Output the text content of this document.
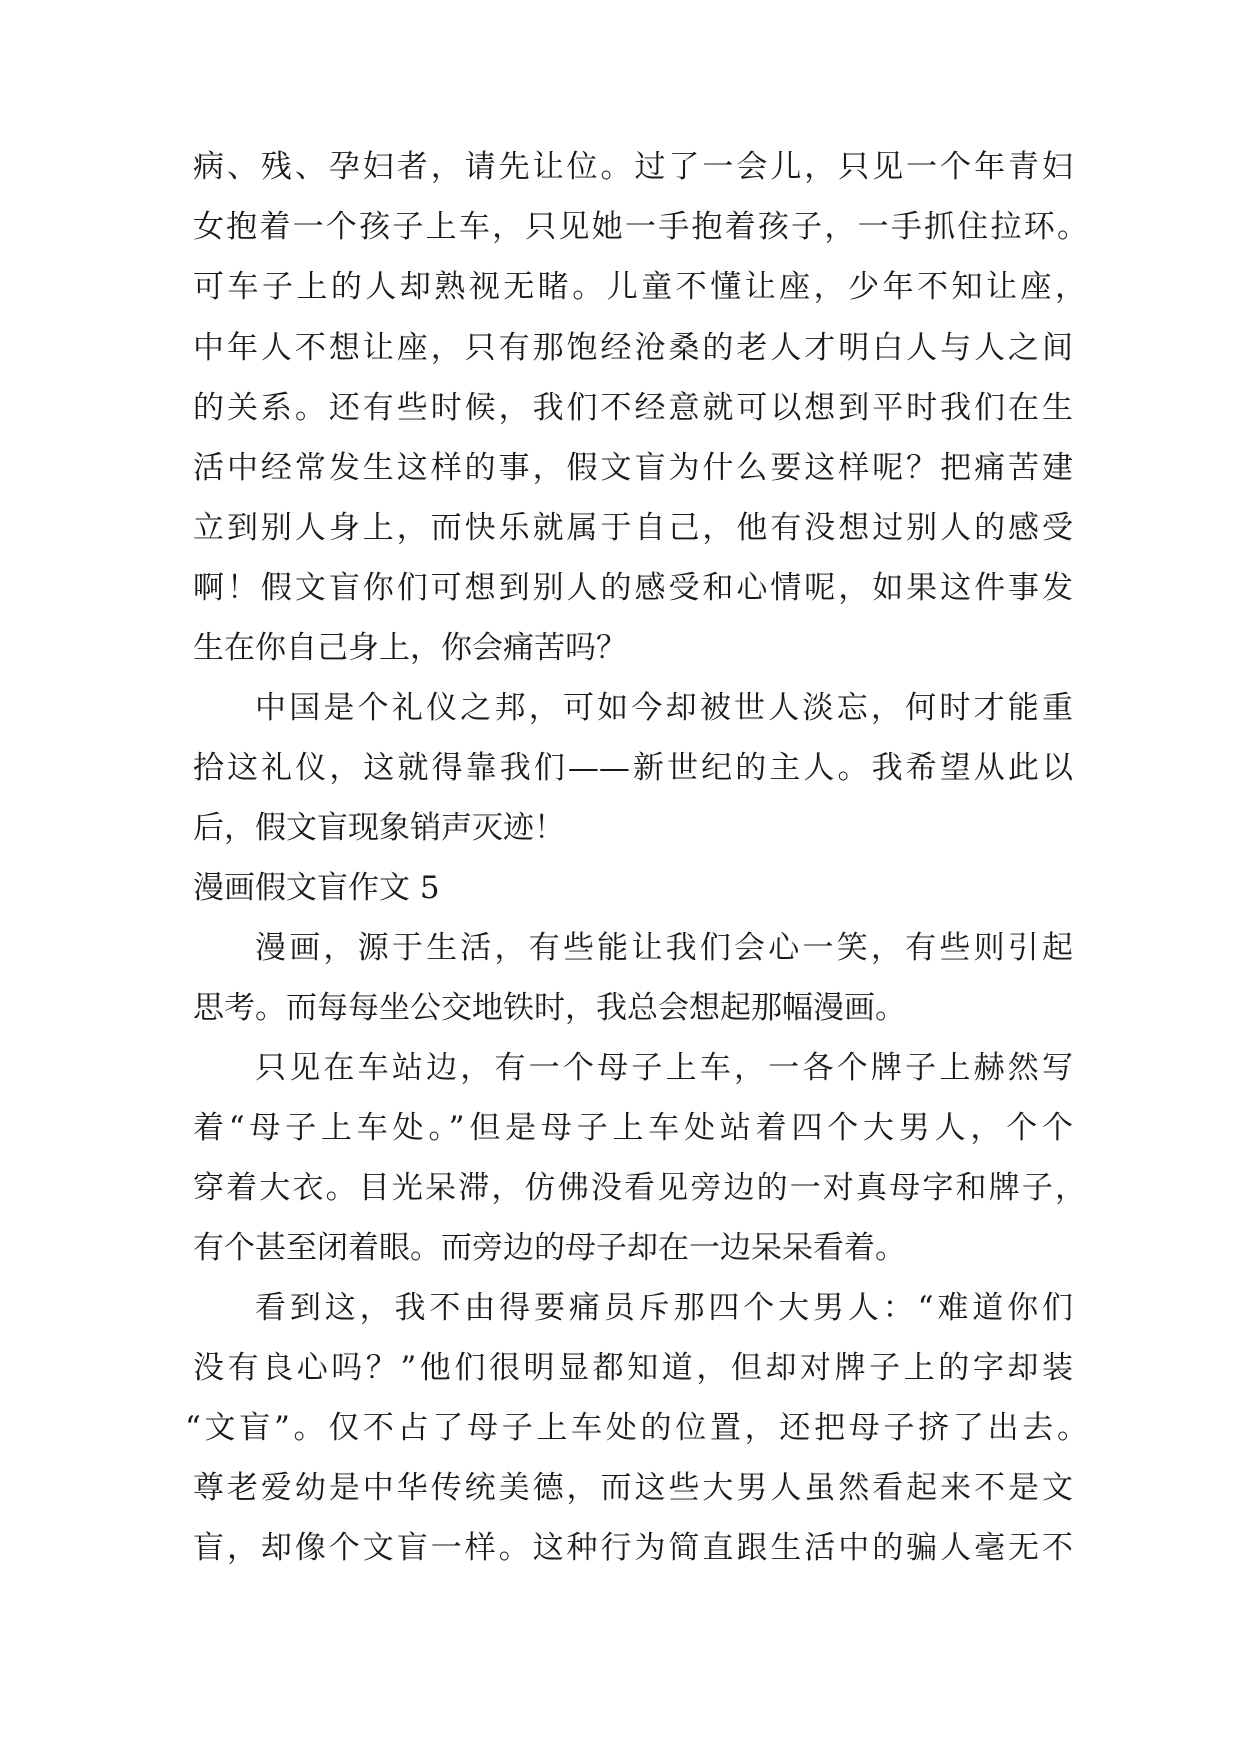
病、残、孕妇者，请先让位。过了一会儿，只见一个年青妇
女抱着一个孩子上车，只见她一手抱着孩子，一手抓住拉环。
可车子上的人却熟视无睹。儿童不懂让座，少年不知让座，
中年人不想让座，只有那饱经沧桑的老人才明白人与人之间
的关系。还有些时候，我们不经意就可以想到平时我们在生
活中经常发生这样的事，假文盲为什么要这样呢？把痛苦建
立到别人身上，而快乐就属于自己，他有没想过别人的感受
啊！假文盲你们可想到别人的感受和心情呢，如果这件事发
生在你自己身上，你会痛苦吗？
中国是个礼仪之邦，可如今却被世人淡忘，何时才能重
拾这礼仪，这就得靠我们——新世纪的主人。我希望从此以
后，假文盲现象销声灭迹！
漫画假文盲作文 5
漫画，源于生活，有些能让我们会心一笑，有些则引起
思考。而每每坐公交地铁时，我总会想起那幅漫画。
只见在车站边，有一个母子上车，一各个牌子上赫然写
着“母子上车处。”但是母子上车处站着四个大男人，个个
穿着大衣。目光呆滞，仿佛没看见旁边的一对真母字和牌子，
有个甚至闭着眼。而旁边的母子却在一边呆呆看着。
看到这，我不由得要痛员斥那四个大男人：“难道你们
没有良心吗？”他们很明显都知道，但却对牌子上的字却装
“文盲”。仅不占了母子上车处的位置，还把母子挤了出去。
尊老爱幼是中华传统美德，而这些大男人虽然看起来不是文
盲，却像个文盲一样。这种行为简直跟生活中的骗人毫无不
